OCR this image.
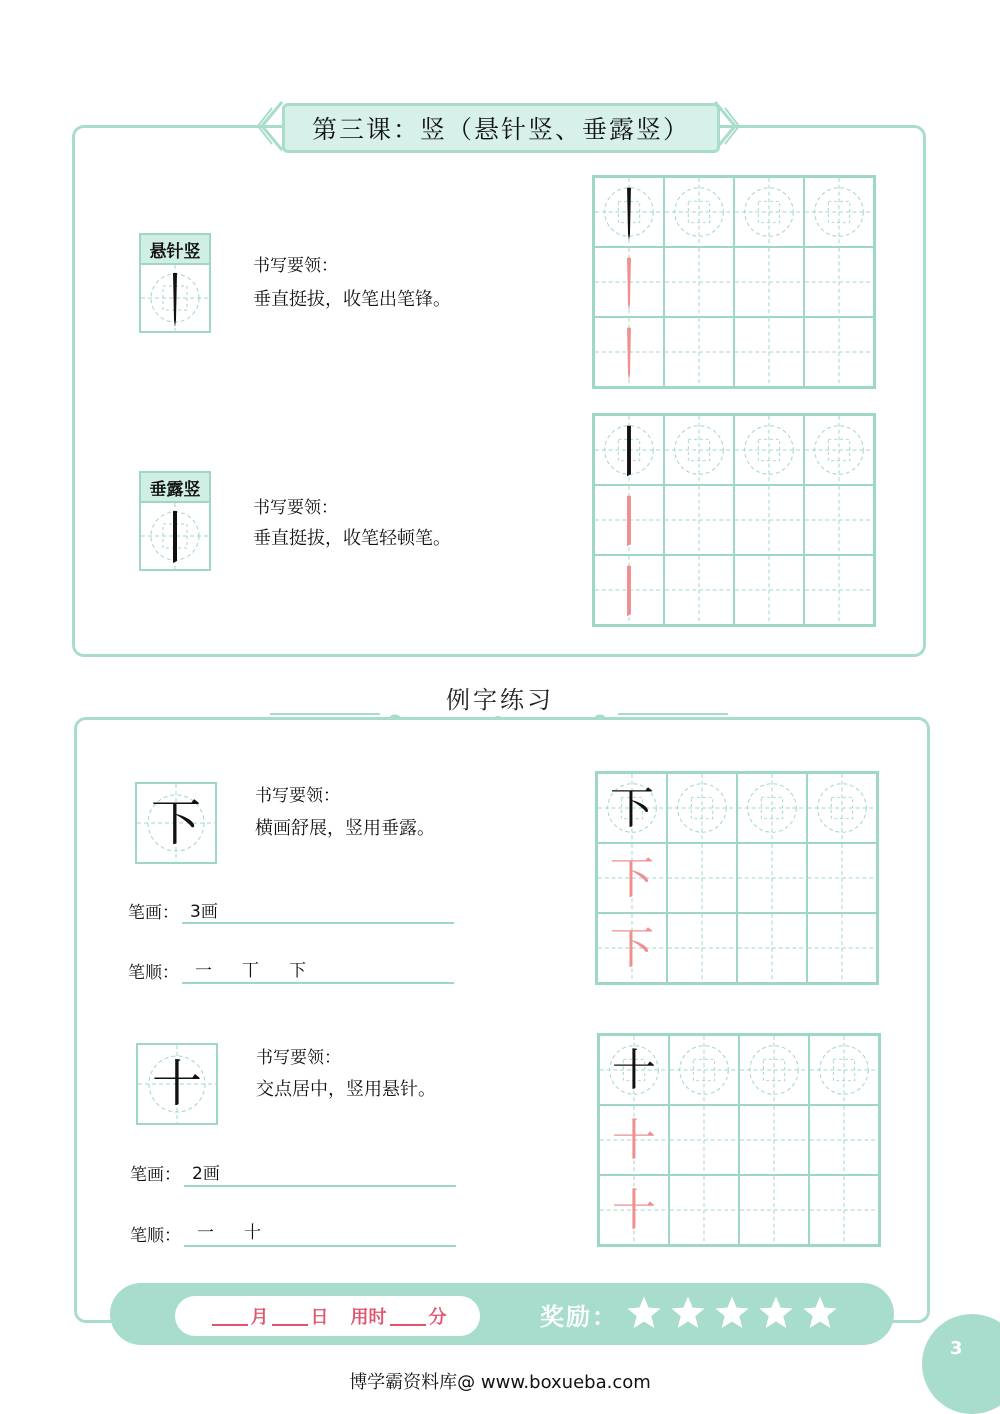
第三课：竖（悬针竖、垂露竖）
悬针竖
书写要领：
垂直挺拔，收笔出笔锋。
垂露竖
书写要领：
垂直挺拔，收笔轻顿笔。
例字练习
下	书写要领：
横画舒展，竖用垂露。
笔画： 3画
笔顺： 一 丅 下
十	书写要领：
交点居中，竖用悬针。
笔画： 2画
笔顺： 一 十
下
下
下
十
十
十
月 日 用时 分	奖励：
3
博学霸资料库@ www.boxueba.com
